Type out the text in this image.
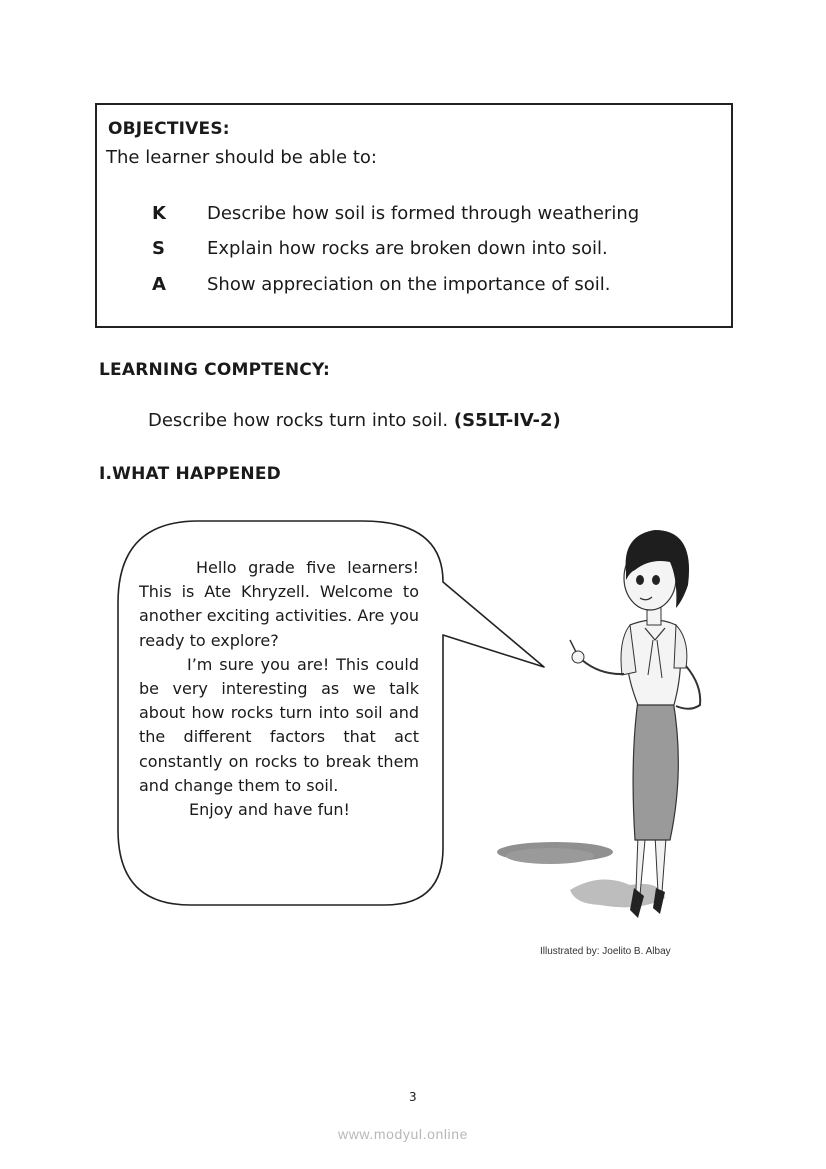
OBJECTIVES:
The learner should be able to:
K Describe how soil is formed through weathering
S Explain how rocks are broken down into soil.
A Show appreciation on the importance of soil.
LEARNING COMPTENCY:
Describe how rocks turn into soil. (S5LT-IV-2)
I.WHAT HAPPENED

Hello grade five learners! This is Ate Khryzell. Welcome to another exciting activities. Are you ready to explore?

I’m sure you are! This could be very interesting as we talk about how rocks turn into soil and the different factors that act constantly on rocks to break them and change them to soil.

Enjoy and have fun!

Illustrated by: Joelito B. Albay
3
www.modyul.online
